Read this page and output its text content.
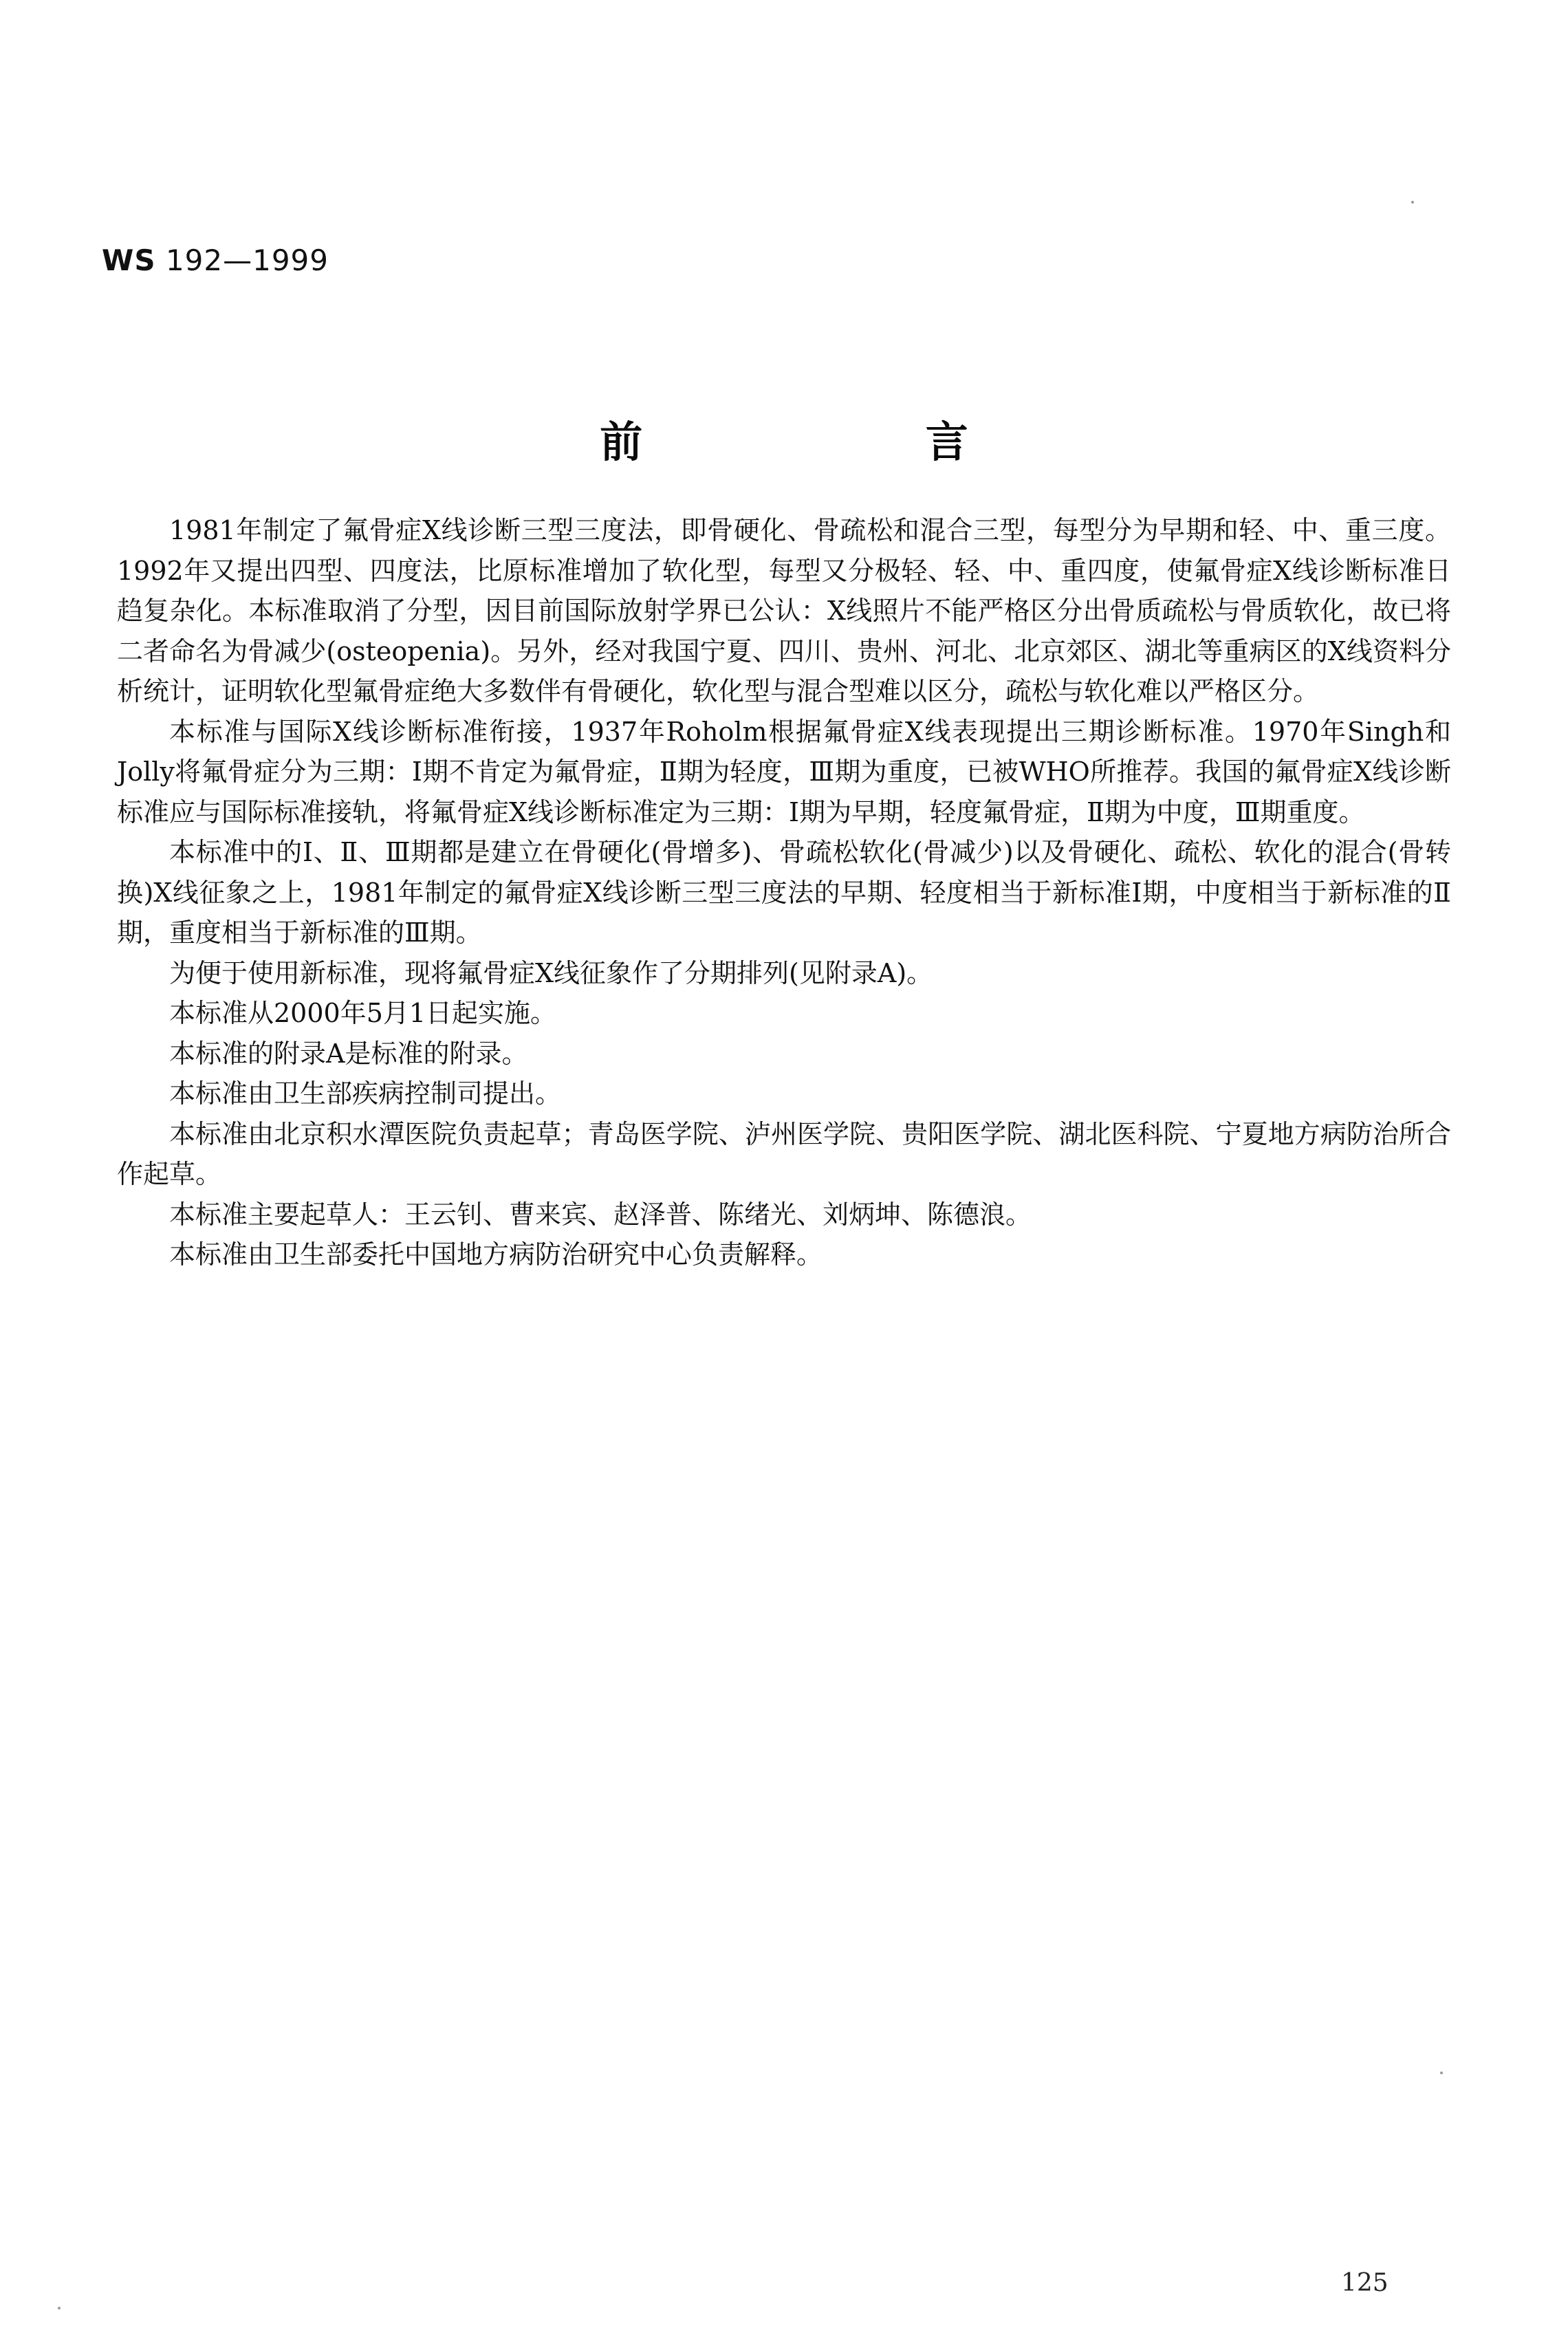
WS 192—1999
前 言

1981年制定了氟骨症X线诊断三型三度法，即骨硬化、骨疏松和混合三型，每型分为早期和轻、中、重三度。1992年又提出四型、四度法，比原标准增加了软化型，每型又分极轻、轻、中、重四度，使氟骨症X线诊断标准日趋复杂化。本标准取消了分型，因目前国际放射学界已公认：X线照片不能严格区分出骨质疏松与骨质软化，故已将二者命名为骨减少(osteopenia)。另外，经对我国宁夏、四川、贵州、河北、北京郊区、湖北等重病区的X线资料分析统计，证明软化型氟骨症绝大多数伴有骨硬化，软化型与混合型难以区分，疏松与软化难以严格区分。

本标准与国际X线诊断标准衔接，1937年Roholm根据氟骨症X线表现提出三期诊断标准。1970年Singh和Jolly将氟骨症分为三期：Ⅰ期不肯定为氟骨症，Ⅱ期为轻度，Ⅲ期为重度，已被WHO所推荐。我国的氟骨症X线诊断标准应与国际标准接轨，将氟骨症X线诊断标准定为三期：Ⅰ期为早期，轻度氟骨症，Ⅱ期为中度，Ⅲ期重度。

本标准中的Ⅰ、Ⅱ、Ⅲ期都是建立在骨硬化(骨增多)、骨疏松软化(骨减少)以及骨硬化、疏松、软化的混合(骨转换)X线征象之上，1981年制定的氟骨症X线诊断三型三度法的早期、轻度相当于新标准Ⅰ期，中度相当于新标准的Ⅱ期，重度相当于新标准的Ⅲ期。

为便于使用新标准，现将氟骨症X线征象作了分期排列(见附录A)。

本标准从2000年5月1日起实施。

本标准的附录A是标准的附录。

本标准由卫生部疾病控制司提出。

本标准由北京积水潭医院负责起草；青岛医学院、泸州医学院、贵阳医学院、湖北医科院、宁夏地方病防治所合作起草。

本标准主要起草人：王云钊、曹来宾、赵泽普、陈绪光、刘炳坤、陈德浪。

本标准由卫生部委托中国地方病防治研究中心负责解释。

125
